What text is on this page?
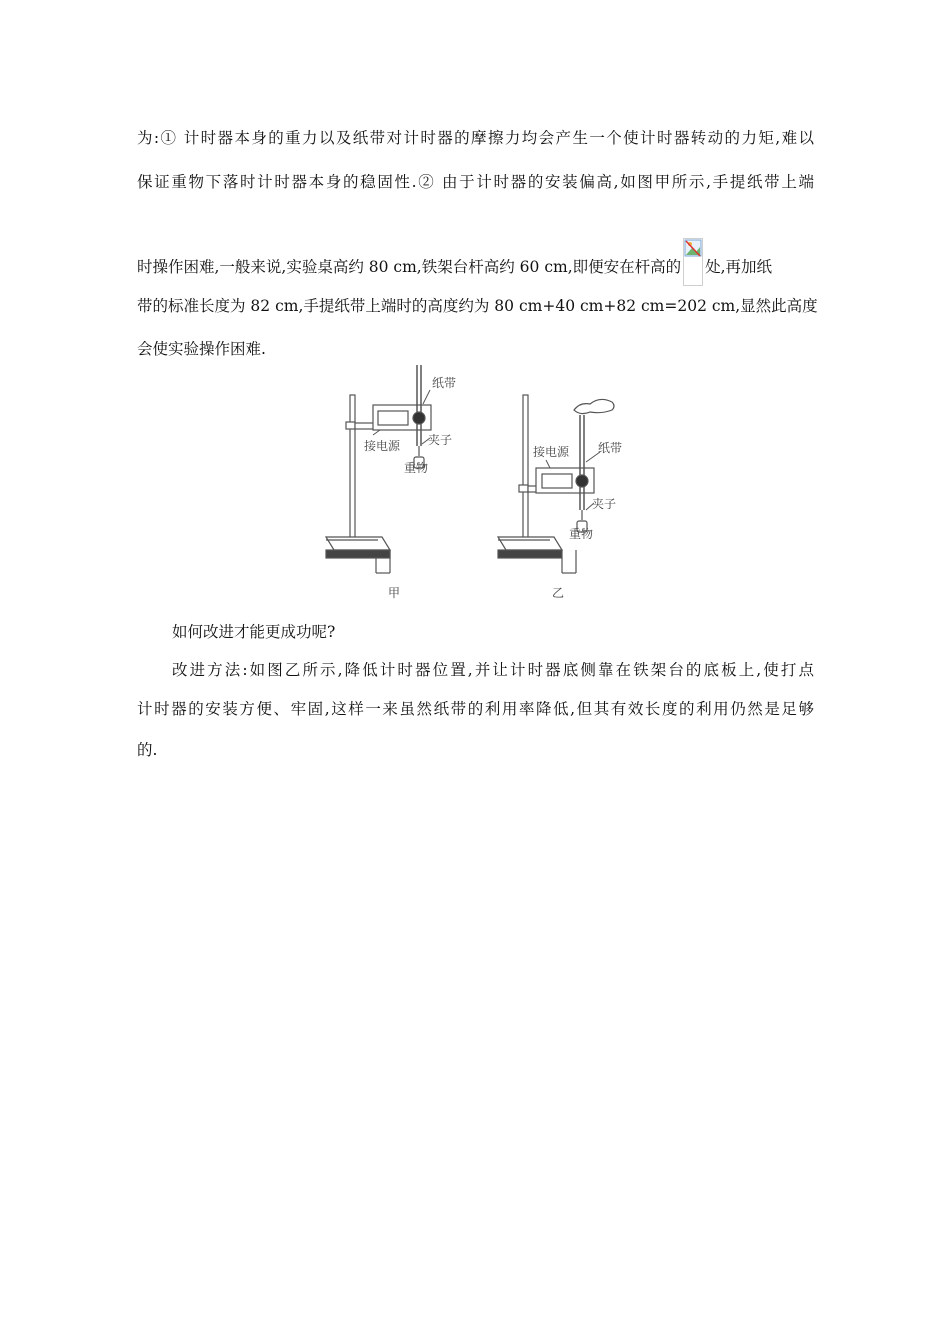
为:① 计时器本身的重力以及纸带对计时器的摩擦力均会产生一个使计时器转动的力矩,难以
保证重物下落时计时器本身的稳固性.② 由于计时器的安装偏高,如图甲所示,手提纸带上端
时操作困难,一般来说,实验桌高约 80 cm,铁架台杆高约 60 cm,即便安在杆高的 处,再加纸
带的标准长度为 82 cm,手提纸带上端时的高度约为 80 cm+40 cm+82 cm=202 cm,显然此高度
会使实验操作困难.
纸带
接电源 夹子
重物
甲
纸带
接电源
夹子
重物
乙
如何改进才能更成功呢?
改进方法:如图乙所示,降低计时器位置,并让计时器底侧靠在铁架台的底板上,使打点
计时器的安装方便、牢固,这样一来虽然纸带的利用率降低,但其有效长度的利用仍然是足够
的.
